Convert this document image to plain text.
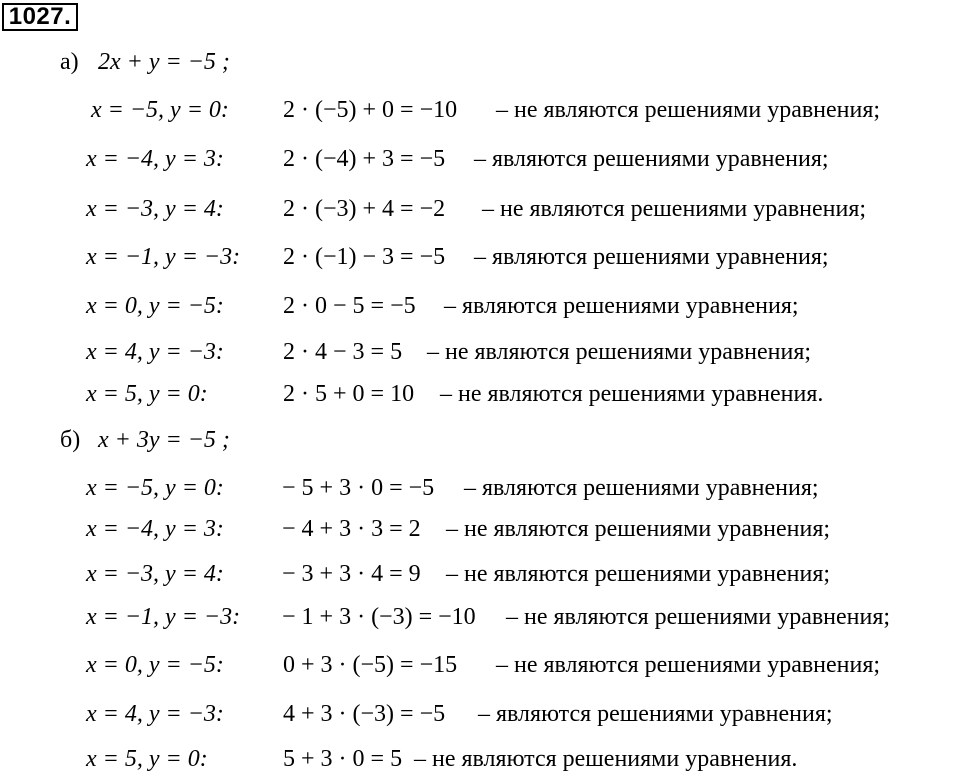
1027.
а) 2x + y = −5 ;
x = −5, y = 0: 2 · (−5) + 0 = −10 – не являются решениями уравнения;
x = −4, y = 3: 2 · (−4) + 3 = −5 – являются решениями уравнения;
x = −3, y = 4: 2 · (−3) + 4 = −2 – не являются решениями уравнения;
x = −1, y = −3: 2 · (−1) − 3 = −5 – являются решениями уравнения;
x = 0, y = −5: 2 · 0 − 5 = −5 – являются решениями уравнения;
x = 4, y = −3: 2 · 4 − 3 = 5 – не являются решениями уравнения;
x = 5, y = 0:	2 · 5 + 0 = 10 – не являются решениями уравнения.
б) x + 3y = −5 ;
x = −5, y = 0: − 5 + 3 · 0 = −5 – являются решениями уравнения;
x = −4, y = 3: − 4 + 3 · 3 = 2 – не являются решениями уравнения;
x = −3, y = 4: − 3 + 3 · 4 = 9 – не являются решениями уравнения;
x = −1, y = −3: − 1 + 3 · (−3) = −10 – не являются решениями уравнения;
x = 0, y = −5: 0 + 3 · (−5) = −15 – не являются решениями уравнения;
x = 4, y = −3: 4 + 3 · (−3) = −5 – являются решениями уравнения;
x = 5, y = 0:	5 + 3 · 0 = 5 – не являются решениями уравнения.
